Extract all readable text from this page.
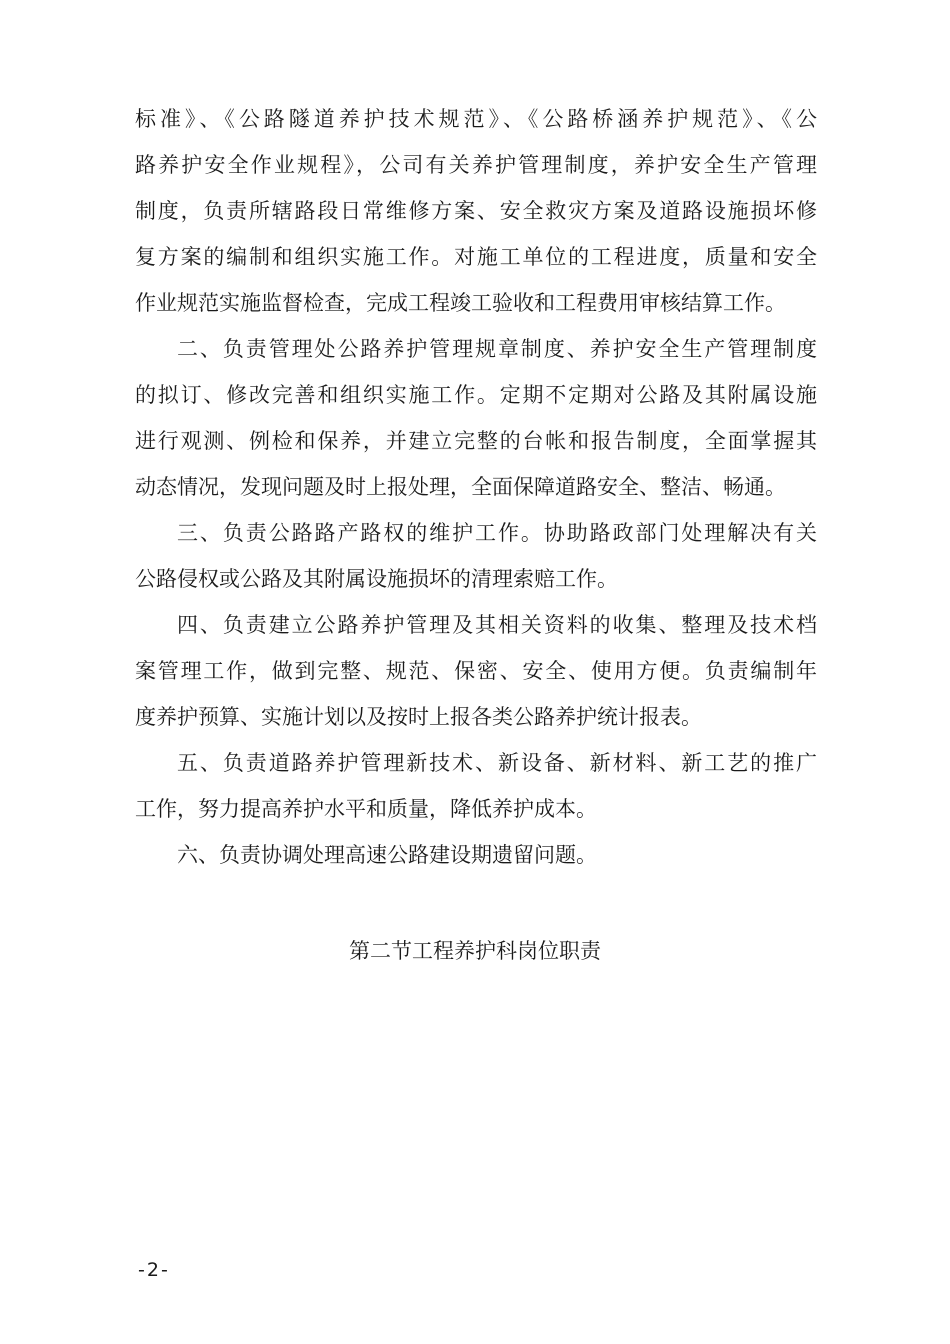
标准》、《公路隧道养护技术规范》、《公路桥涵养护规范》、《公
路养护安全作业规程》，公司有关养护管理制度，养护安全生产管理
制度，负责所辖路段日常维修方案、安全救灾方案及道路设施损坏修
复方案的编制和组织实施工作。对施工单位的工程进度，质量和安全
作业规范实施监督检查，完成工程竣工验收和工程费用审核结算工作。

二、负责管理处公路养护管理规章制度、养护安全生产管理制度
的拟订、修改完善和组织实施工作。定期不定期对公路及其附属设施
进行观测、例检和保养，并建立完整的台帐和报告制度，全面掌握其
动态情况，发现问题及时上报处理，全面保障道路安全、整洁、畅通。

三、负责公路路产路权的维护工作。协助路政部门处理解决有关
公路侵权或公路及其附属设施损坏的清理索赔工作。

四、负责建立公路养护管理及其相关资料的收集、整理及技术档
案管理工作，做到完整、规范、保密、安全、使用方便。负责编制年
度养护预算、实施计划以及按时上报各类公路养护统计报表。

五、负责道路养护管理新技术、新设备、新材料、新工艺的推广
工作，努力提高养护水平和质量，降低养护成本。

六、负责协调处理高速公路建设期遗留问题。

第二节工程养护科岗位职责
-2-
